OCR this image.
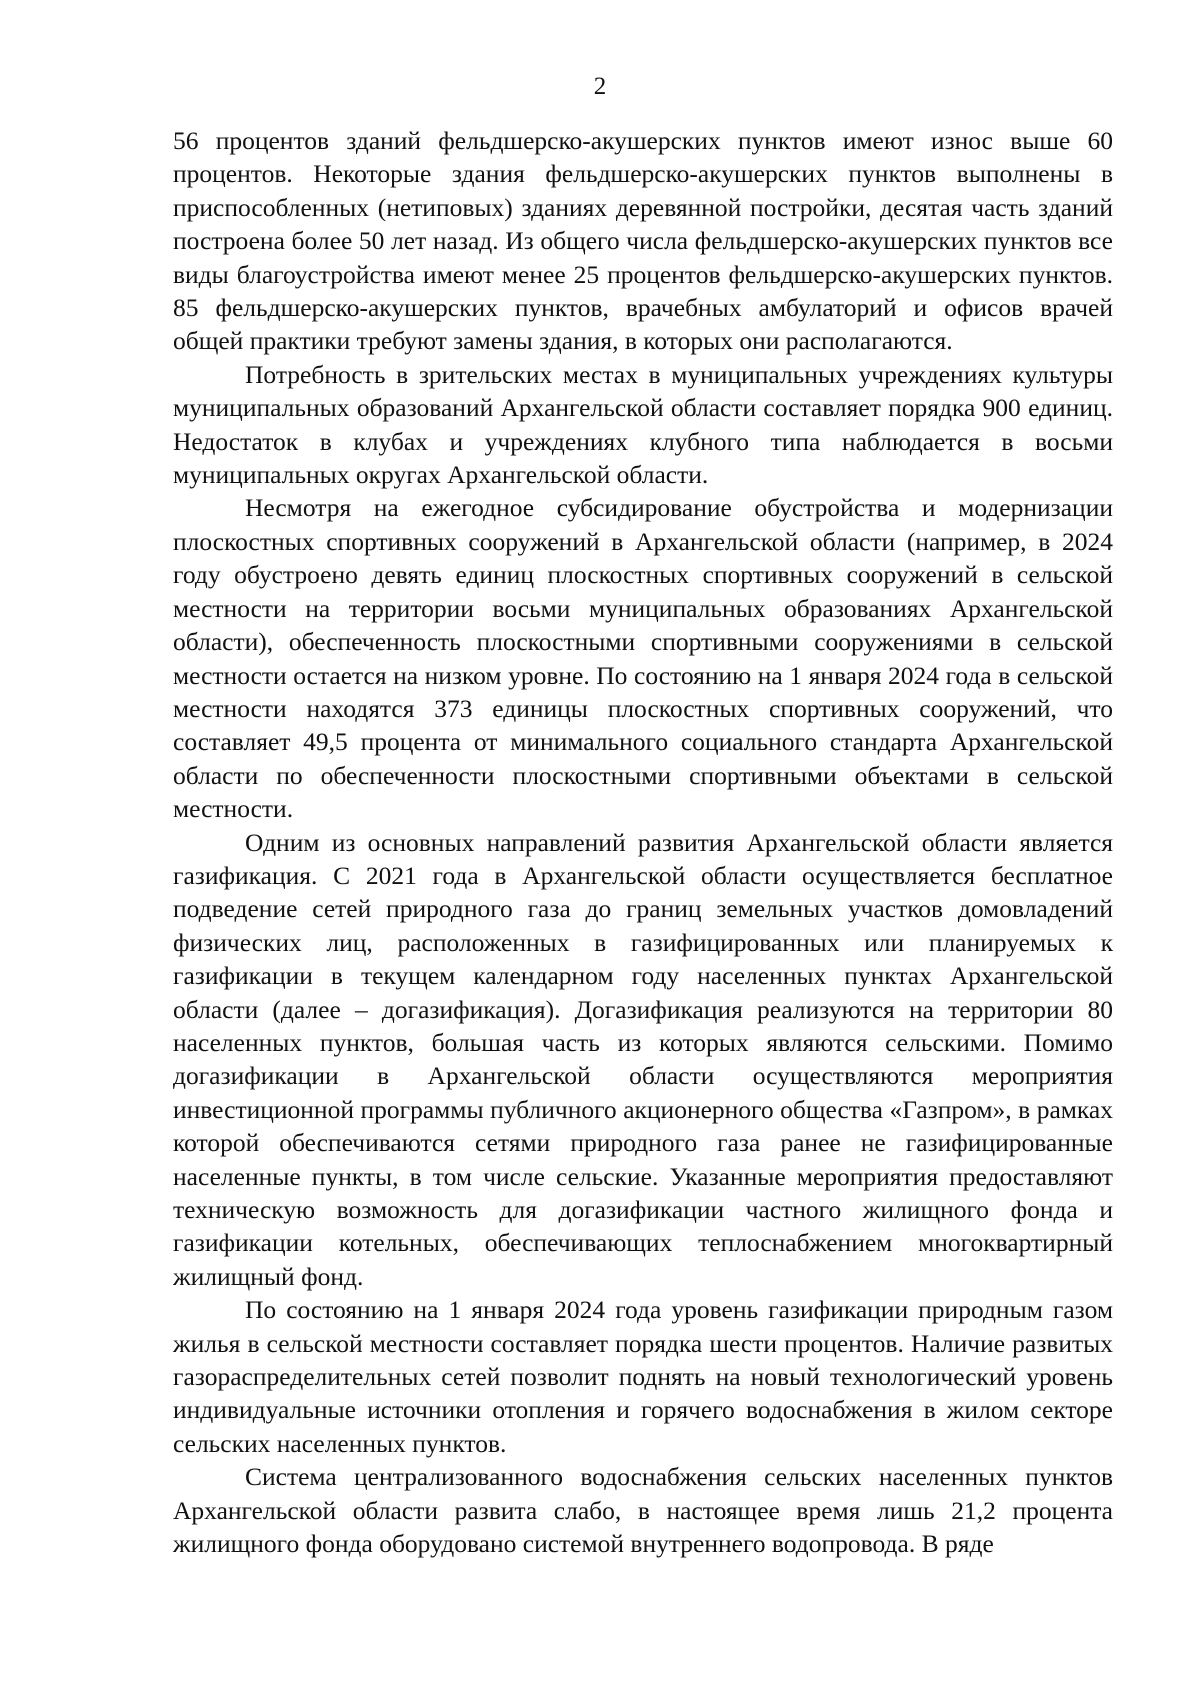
2

56 процентов зданий фельдшерско-акушерских пунктов имеют износ выше 60 процентов. Некоторые здания фельдшерско-акушерских пунктов выполнены в приспособленных (нетиповых) зданиях деревянной постройки, десятая часть зданий построена более 50 лет назад. Из общего числа фельдшерско-акушерских пунктов все виды благоустройства имеют менее 25 процентов фельдшерско-акушерских пунктов. 85 фельдшерско-акушерских пунктов, врачебных амбулаторий и офисов врачей общей практики требуют замены здания, в которых они располагаются.

Потребность в зрительских местах в муниципальных учреждениях культуры муниципальных образований Архангельской области составляет порядка 900 единиц. Недостаток в клубах и учреждениях клубного типа наблюдается в восьми муниципальных округах Архангельской области.

Несмотря на ежегодное субсидирование обустройства и модернизации плоскостных спортивных сооружений в Архангельской области (например, в 2024 году обустроено девять единиц плоскостных спортивных сооружений в сельской местности на территории восьми муниципальных образованиях Архангельской области), обеспеченность плоскостными спортивными сооружениями в сельской местности остается на низком уровне. По состоянию на 1 января 2024 года в сельской местности находятся 373 единицы плоскостных спортивных сооружений, что составляет 49,5 процента от минимального социального стандарта Архангельской области по обеспеченности плоскостными спортивными объектами в сельской местности.

Одним из основных направлений развития Архангельской области является газификация. С 2021 года в Архангельской области осуществляется бесплатное подведение сетей природного газа до границ земельных участков домовладений физических лиц, расположенных в газифицированных или планируемых к газификации в текущем календарном году населенных пунктах Архангельской области (далее – догазификация). Догазификация реализуются на территории 80 населенных пунктов, большая часть из которых являются сельскими. Помимо догазификации в Архангельской области осуществляются мероприятия инвестиционной программы публичного акционерного общества «Газпром», в рамках которой обеспечиваются сетями природного газа ранее не газифицированные населенные пункты, в том числе сельские. Указанные мероприятия предоставляют техническую возможность для догазификации частного жилищного фонда и газификации котельных, обеспечивающих теплоснабжением многоквартирный жилищный фонд.

По состоянию на 1 января 2024 года уровень газификации природным газом жилья в сельской местности составляет порядка шести процентов. Наличие развитых газораспределительных сетей позволит поднять на новый технологический уровень индивидуальные источники отопления и горячего водоснабжения в жилом секторе сельских населенных пунктов.

Система централизованного водоснабжения сельских населенных пунктов Архангельской области развита слабо, в настоящее время лишь 21,2 процента жилищного фонда оборудовано системой внутреннего водопровода. В ряде
